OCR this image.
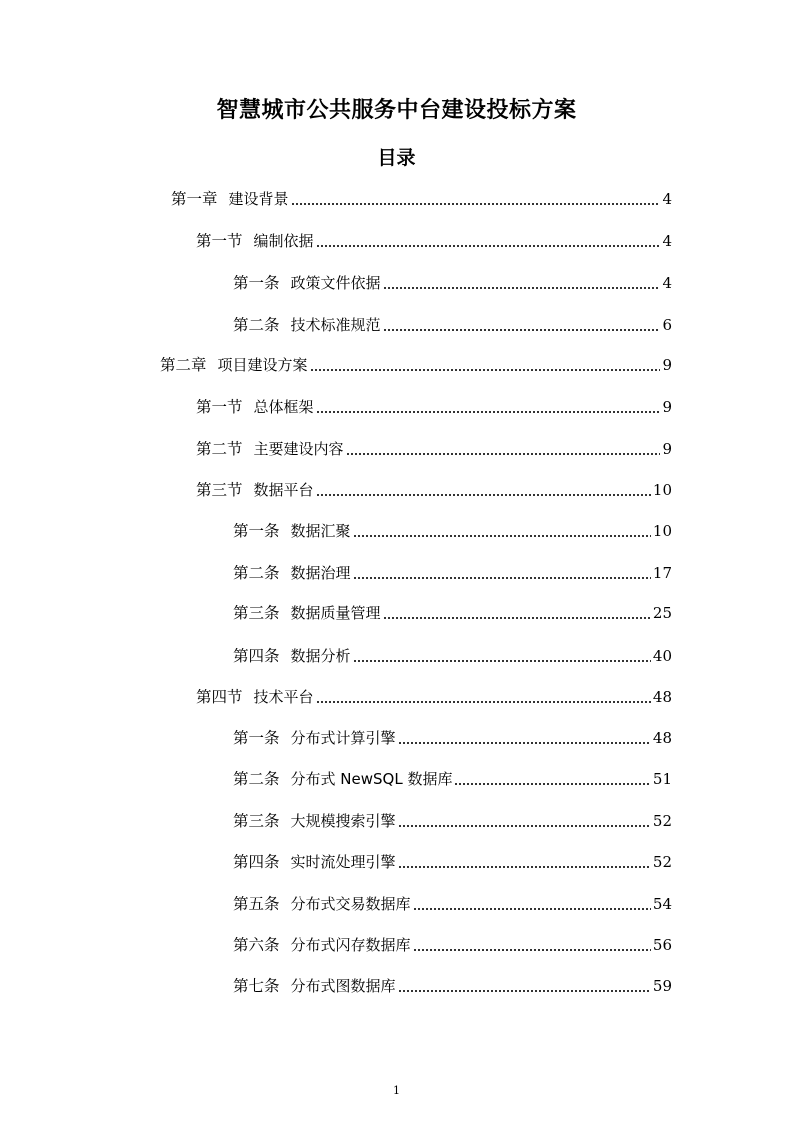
智慧城市公共服务中台建设投标方案
目录
第一章 建设背景	4
第一节 编制依据	4
第一条 政策文件依据	4
第二条 技术标准规范	6
第二章 项目建设方案	9
第一节 总体框架	9
第二节 主要建设内容	9
第三节 数据平台	10
第一条 数据汇聚	10
第二条 数据治理	17
第三条 数据质量管理	25
第四条 数据分析	40
第四节 技术平台	48
第一条 分布式计算引擎	48
第二条 分布式 NewSQL 数据库	51
第三条 大规模搜索引擎	52
第四条 实时流处理引擎	52
第五条 分布式交易数据库	54
第六条 分布式闪存数据库	56
第七条 分布式图数据库	59
1
